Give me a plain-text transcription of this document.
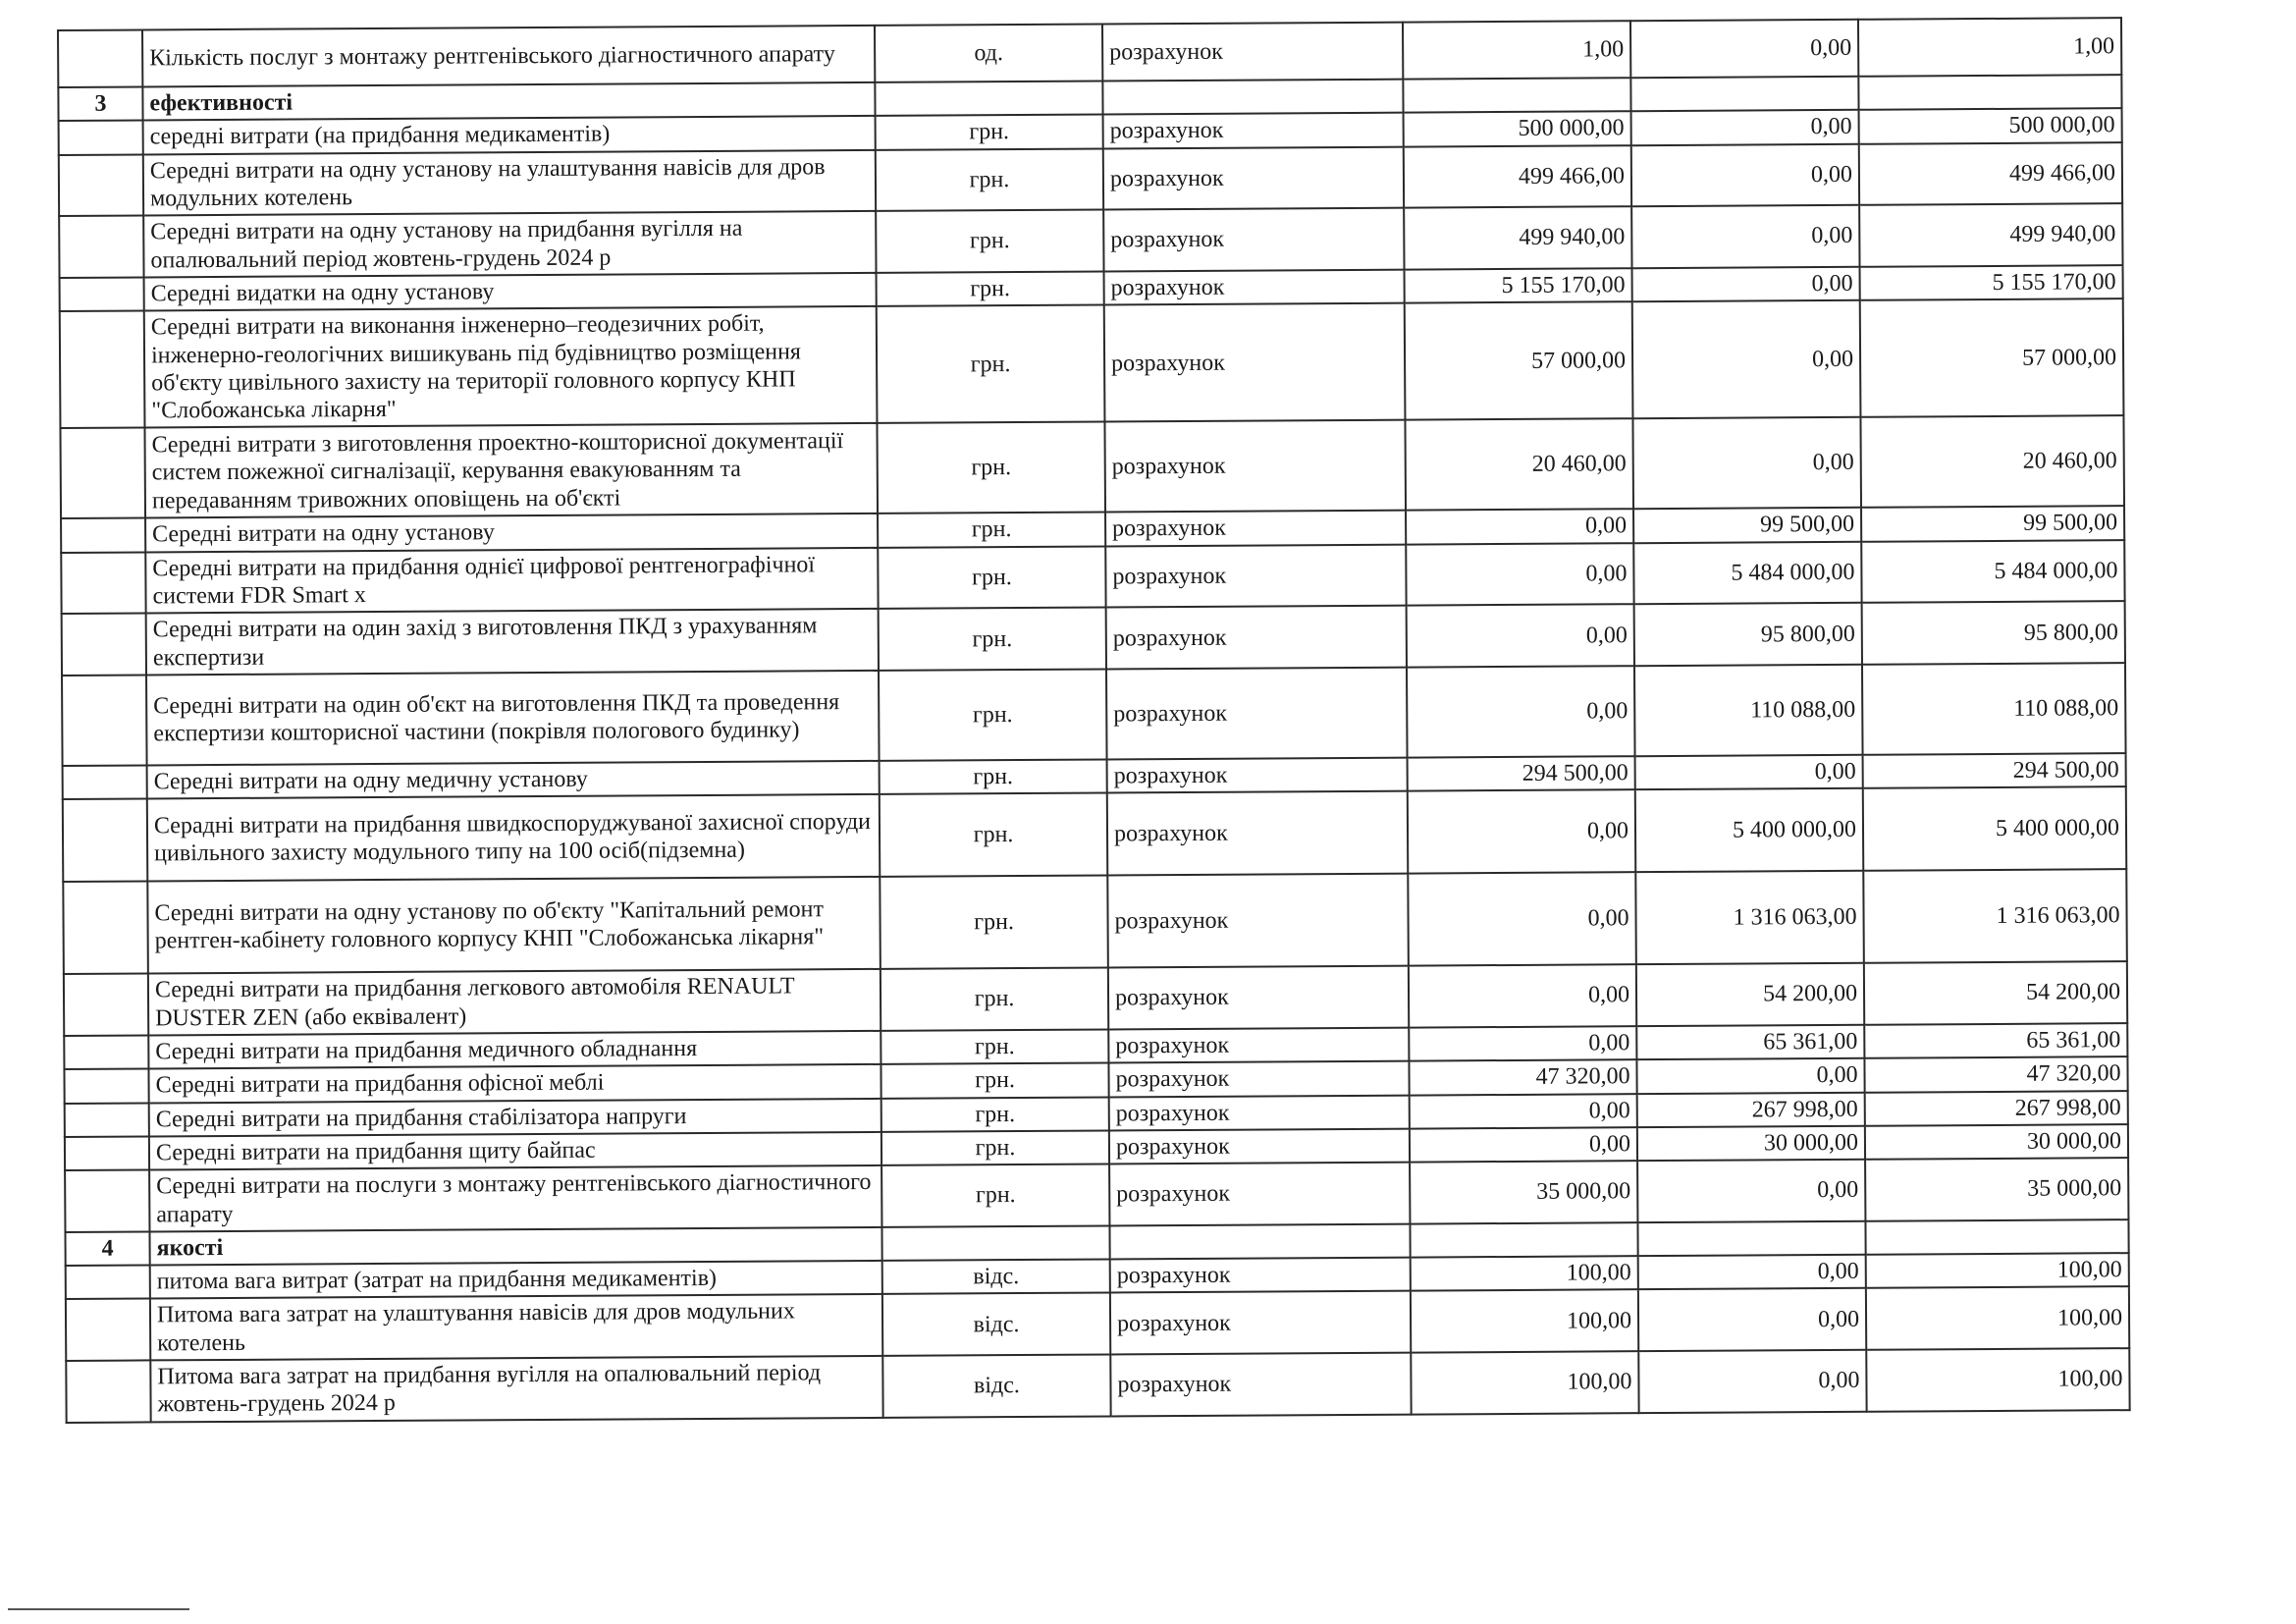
	Кількість послуг з монтажу рентгенівського діагностичного апарату	од.	розрахунок	1,00	0,00	1,00
3	ефективності					
	середні витрати (на придбання медикаментів)	грн.	розрахунок	500 000,00	0,00	500 000,00
	Середні витрати на одну установу на улаштування навісів для дров модульних котелень	грн.	розрахунок	499 466,00	0,00	499 466,00
	Середні витрати на одну установу на придбання вугілля на опалювальний період жовтень-грудень 2024 р	грн.	розрахунок	499 940,00	0,00	499 940,00
	Середні видатки на одну установу	грн.	розрахунок	5 155 170,00	0,00	5 155 170,00
	Середні витрати на виконання інженерно–геодезичних робіт, інженерно-геологічних вишикувань під будівництво розміщення об'єкту цивільного захисту на території головного корпусу КНП "Слобожанська лікарня"	грн.	розрахунок	57 000,00	0,00	57 000,00
	Середні витрати з виготовлення проектно-кошторисної документації систем пожежної сигналізації, керування евакуюванням та передаванням тривожних оповіщень на об'єкті	грн.	розрахунок	20 460,00	0,00	20 460,00
	Середні витрати на одну установу	грн.	розрахунок	0,00	99 500,00	99 500,00
	Середні витрати на придбання однієї цифрової рентгенографічної системи FDR Smart x	грн.	розрахунок	0,00	5 484 000,00	5 484 000,00
	Середні витрати на один захід з виготовлення ПКД з урахуванням експертизи	грн.	розрахунок	0,00	95 800,00	95 800,00
	Середні витрати на один об'єкт на виготовлення ПКД та проведення експертизи кошторисної частини (покрівля пологового будинку)	грн.	розрахунок	0,00	110 088,00	110 088,00
	Середні витрати на одну медичну установу	грн.	розрахунок	294 500,00	0,00	294 500,00
	Серадні витрати на придбання швидкоспоруджуваної захисної споруди цивільного захисту модульного типу на 100 осіб(підземна)	грн.	розрахунок	0,00	5 400 000,00	5 400 000,00
	Середні витрати на одну установу по об'єкту "Капітальний ремонт рентген-кабінету головного корпусу КНП "Слобожанська лікарня"	грн.	розрахунок	0,00	1 316 063,00	1 316 063,00
	Середні витрати на придбання легкового автомобіля RENAULT DUSTER ZEN (або еквівалент)	грн.	розрахунок	0,00	54 200,00	54 200,00
	Середні витрати на придбання медичного обладнання	грн.	розрахунок	0,00	65 361,00	65 361,00
	Середні витрати на придбання офісної меблі	грн.	розрахунок	47 320,00	0,00	47 320,00
	Середні витрати на придбання стабілізатора напруги	грн.	розрахунок	0,00	267 998,00	267 998,00
	Середні витрати на придбання щиту байпас	грн.	розрахунок	0,00	30 000,00	30 000,00
	Середні витрати на послуги з монтажу рентгенівського діагностичного апарату	грн.	розрахунок	35 000,00	0,00	35 000,00
4	якості					
	питома вага витрат (затрат на придбання медикаментів)	відс.	розрахунок	100,00	0,00	100,00
	Питома вага затрат на улаштування навісів для дров модульних котелень	відс.	розрахунок	100,00	0,00	100,00
	Питома вага затрат на придбання вугілля на опалювальний період жовтень-грудень 2024 р	відс.	розрахунок	100,00	0,00	100,00
